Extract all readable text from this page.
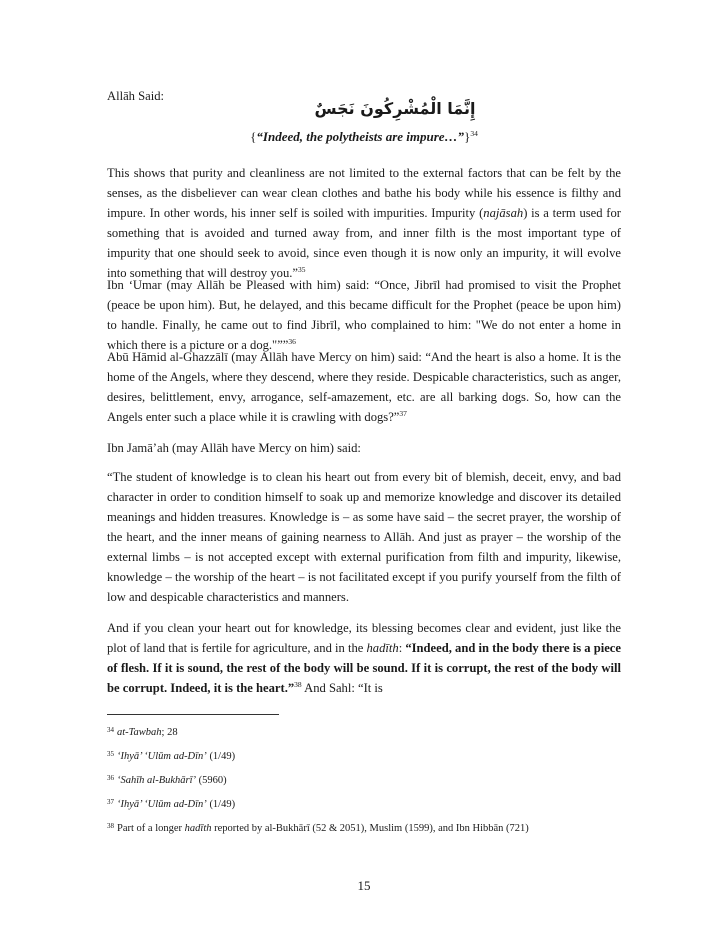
Allāh Said:
إِنَّمَا الْمُشْرِكُونَ نَجَسٌ
{“Indeed, the polytheists are impure…”}$^{34}$
This shows that purity and cleanliness are not limited to the external factors that can be felt by the senses, as the disbeliever can wear clean clothes and bathe his body while his essence is filthy and impure. In other words, his inner self is soiled with impurities. Impurity (najāsah) is a term used for something that is avoided and turned away from, and inner filth is the most important type of impurity that one should seek to avoid, since even though it is now only an impurity, it will evolve into something that will destroy you.”$^{35}$
Ibn ‘Umar (may Allāh be Pleased with him) said: “Once, Jibrīl had promised to visit the Prophet (peace be upon him). But, he delayed, and this became difficult for the Prophet (peace be upon him) to handle. Finally, he came out to find Jibrīl, who complained to him: "We do not enter a home in which there is a picture or a dog."””$^{36}$
Abū Hāmid al-Ghazzālī (may Allāh have Mercy on him) said: “And the heart is also a home. It is the home of the Angels, where they descend, where they reside. Despicable characteristics, such as anger, desires, belittlement, envy, arrogance, self-amazement, etc. are all barking dogs. So, how can the Angels enter such a place while it is crawling with dogs?”$^{37}$
Ibn Jamā’ah (may Allāh have Mercy on him) said:
“The student of knowledge is to clean his heart out from every bit of blemish, deceit, envy, and bad character in order to condition himself to soak up and memorize knowledge and discover its detailed meanings and hidden treasures. Knowledge is – as some have said – the secret prayer, the worship of the heart, and the inner means of gaining nearness to Allāh. And just as prayer – the worship of the external limbs – is not accepted except with external purification from filth and impurity, likewise, knowledge – the worship of the heart – is not facilitated except if you purify yourself from the filth of low and despicable characteristics and manners.
And if you clean your heart out for knowledge, its blessing becomes clear and evident, just like the plot of land that is fertile for agriculture, and in the hadīth: “Indeed, and in the body there is a piece of flesh. If it is sound, the rest of the body will be sound. If it is corrupt, the rest of the body will be corrupt. Indeed, it is the heart.”$^{38}$ And Sahl: “It is
$^{34}$ at-Tawbah; 28
$^{35}$ ‘Ihyā’ ‘Ulūm ad-Dīn’ (1/49)
$^{36}$ ‘Sahīh al-Bukhārī’ (5960)
$^{37}$ ‘Ihyā’ ‘Ulūm ad-Dīn’ (1/49)
$^{38}$ Part of a longer hadīth reported by al-Bukhārī (52 & 2051), Muslim (1599), and Ibn Hibbān (721)
15
